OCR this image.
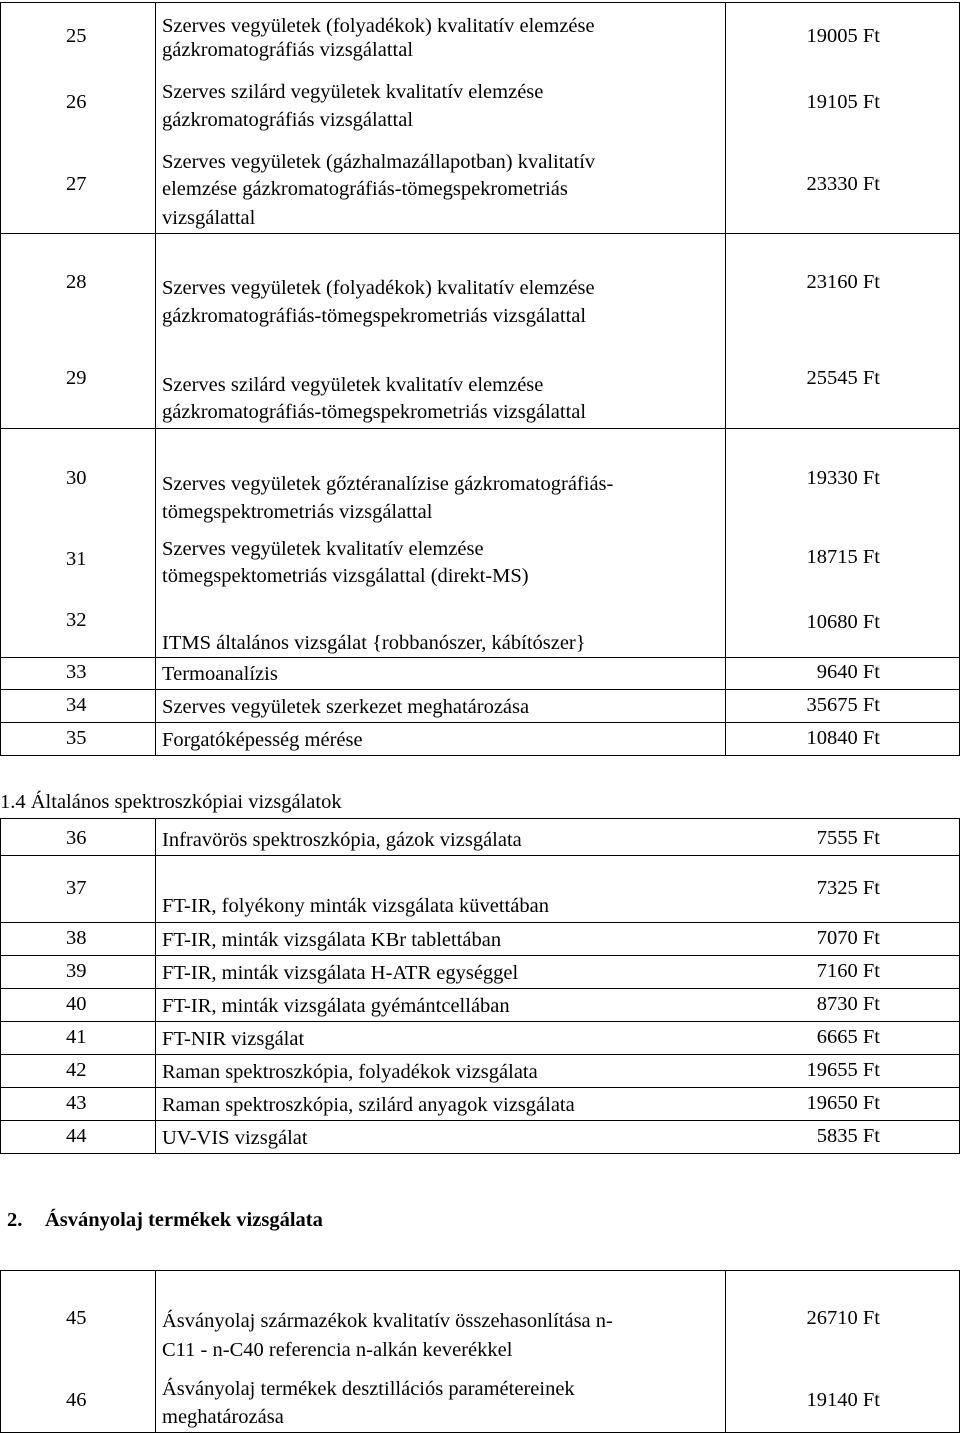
25	Szerves vegyületek (folyadékok) kvalitatív elemzése
gázkromatográfiás vizsgálattal
19005 Ft
26	Szerves szilárd vegyületek kvalitatív elemzése
gázkromatográfiás vizsgálattal
19105 Ft
27
Szerves vegyületek (gázhalmazállapotban) kvalitatív
elemzése gázkromatográfiás-tömegspekrometriás
vizsgálattal
23330 Ft
28	Szerves vegyületek (folyadékok) kvalitatív elemzése
gázkromatográfiás-tömegspekrometriás vizsgálattal
23160 Ft
29	Szerves szilárd vegyületek kvalitatív elemzése
gázkromatográfiás-tömegspekrometriás vizsgálattal
25545 Ft
30	Szerves vegyületek gőztéranalízise gázkromatográfiás-
tömegspektrometriás vizsgálattal
19330 Ft
31	Szerves vegyületek kvalitatív elemzése
tömegspektometriás vizsgálattal (direkt-MS)
18715 Ft
32
ITMS általános vizsgálat {robbanószer, kábítószer}
10680 Ft
33	Termoanalízis	9640 Ft
34	Szerves vegyületek szerkezet meghatározása	35675 Ft
35	Forgatóképesség mérése	10840 Ft
1.4 Általános spektroszkópiai vizsgálatok
36	Infravörös spektroszkópia, gázok vizsgálata	7555 Ft
37
FT-IR, folyékony minták vizsgálata küvettában
7325 Ft
38	FT-IR, minták vizsgálata KBr tablettában	7070 Ft
39	FT-IR, minták vizsgálata H-ATR egységgel	7160 Ft
40	FT-IR, minták vizsgálata gyémántcellában	8730 Ft
41	FT-NIR vizsgálat	6665 Ft
42	Raman spektroszkópia, folyadékok vizsgálata	19655 Ft
43	Raman spektroszkópia, szilárd anyagok vizsgálata	19650 Ft
44	UV-VIS vizsgálat	5835 Ft
2. Ásványolaj termékek vizsgálata
45	Ásványolaj származékok kvalitatív összehasonlítása n-
C11 - n-C40 referencia n-alkán keverékkel
26710 Ft
46	Ásványolaj termékek desztillációs paramétereinek
meghatározása
19140 Ft
